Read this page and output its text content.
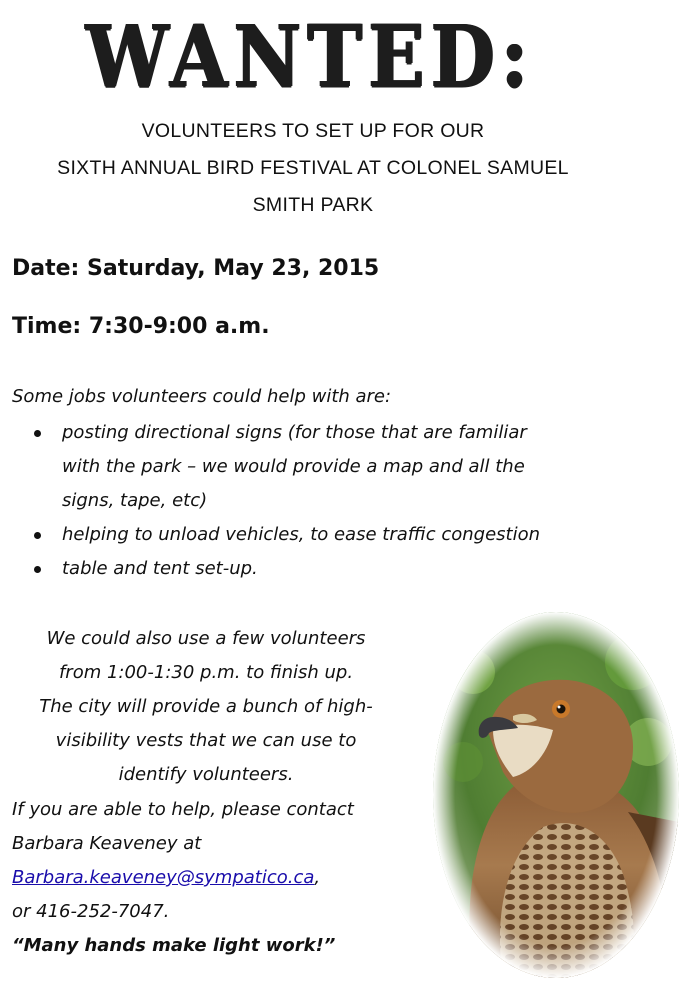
WANTED:
VOLUNTEERS TO SET UP FOR OUR
SIXTH ANNUAL BIRD FESTIVAL AT COLONEL SAMUEL
SMITH PARK
Date: Saturday, May 23, 2015
Time: 7:30-9:00 a.m.
Some jobs volunteers could help with are:
posting directional signs (for those that are familiar
with the park – we would provide a map and all the
signs, tape, etc)
helping to unload vehicles, to ease traffic congestion
table and tent set-up.
We could also use a few volunteers
from 1:00-1:30 p.m. to finish up.
The city will provide a bunch of high-
visibility vests that we can use to
identify volunteers.
If you are able to help, please contact
Barbara Keaveney at
Barbara.keaveney@sympatico.ca,
or 416-252-7047.
“Many hands make light work!”
